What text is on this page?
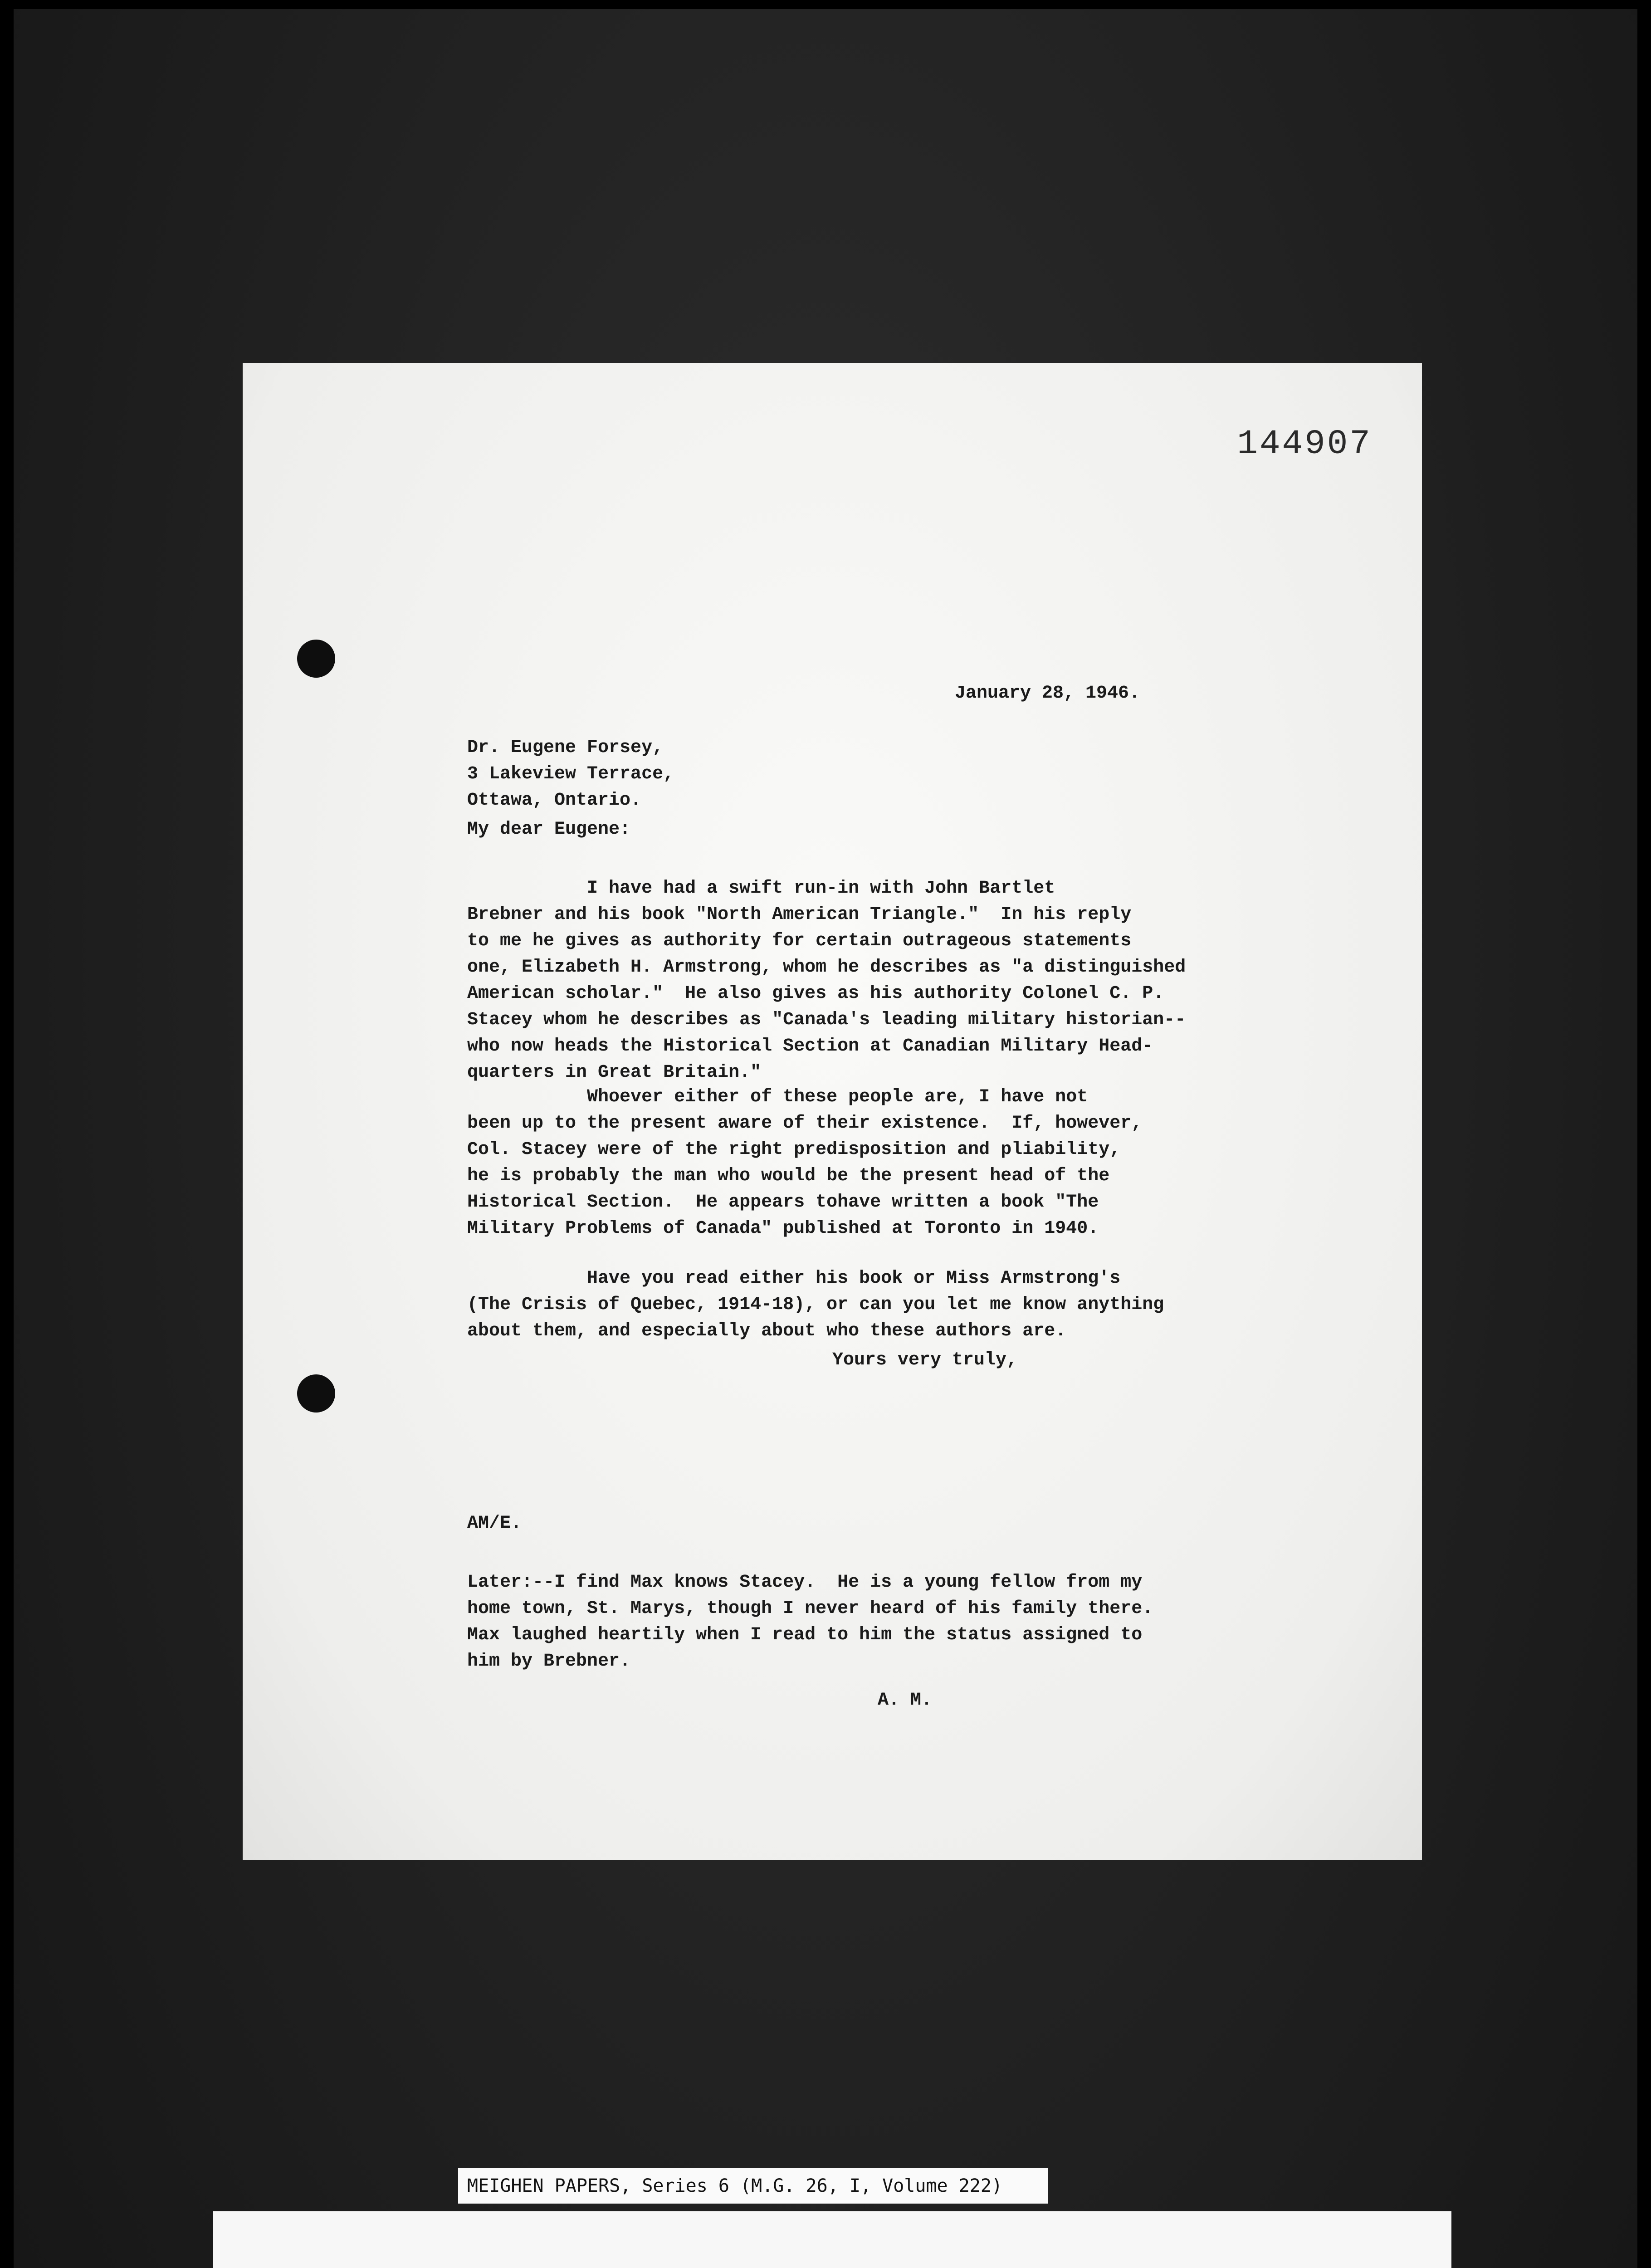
144907
January 28, 1946.
Dr. Eugene Forsey,
3 Lakeview Terrace,
Ottawa, Ontario.
My dear Eugene:
I have had a swift run-in with John Bartlet
Brebner and his book "North American Triangle."  In his reply
to me he gives as authority for certain outrageous statements
one, Elizabeth H. Armstrong, whom he describes as "a distinguished
American scholar."  He also gives as his authority Colonel C. P.
Stacey whom he describes as "Canada's leading military historian--
who now heads the Historical Section at Canadian Military Head-
quarters in Great Britain."
Whoever either of these people are, I have not
been up to the present aware of their existence.  If, however,
Col. Stacey were of the right predisposition and pliability,
he is probably the man who would be the present head of the
Historical Section.  He appears tohave written a book "The
Military Problems of Canada" published at Toronto in 1940.
Have you read either his book or Miss Armstrong's
(The Crisis of Quebec, 1914-18), or can you let me know anything
about them, and especially about who these authors are.
Yours very truly,
AM/E.
Later:--I find Max knows Stacey.  He is a young fellow from my
home town, St. Marys, though I never heard of his family there.
Max laughed heartily when I read to him the status assigned to
him by Brebner.
A. M.
MEIGHEN PAPERS, Series 6 (M.G. 26, I, Volume 222)
